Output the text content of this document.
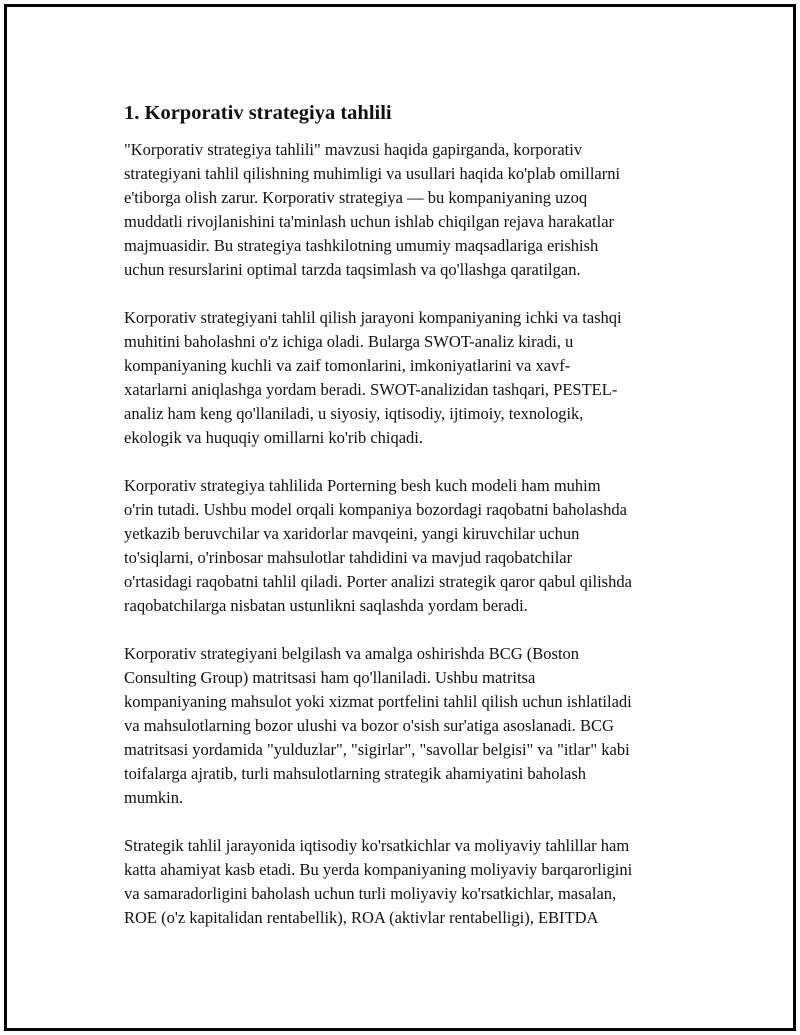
1. Korporativ strategiya tahlili

"Korporativ strategiya tahlili" mavzusi haqida gapirganda, korporativ
strategiyani tahlil qilishning muhimligi va usullari haqida ko'plab omillarni
e'tiborga olish zarur. Korporativ strategiya — bu kompaniyaning uzoq
muddatli rivojlanishini ta'minlash uchun ishlab chiqilgan rejava harakatlar
majmuasidir. Bu strategiya tashkilotning umumiy maqsadlariga erishish
uchun resurslarini optimal tarzda taqsimlash va qo'llashga qaratilgan.

Korporativ strategiyani tahlil qilish jarayoni kompaniyaning ichki va tashqi
muhitini baholashni o'z ichiga oladi. Bularga SWOT-analiz kiradi, u
kompaniyaning kuchli va zaif tomonlarini, imkoniyatlarini va xavf-
xatarlarni aniqlashga yordam beradi. SWOT-analizidan tashqari, PESTEL-
analiz ham keng qo'llaniladi, u siyosiy, iqtisodiy, ijtimoiy, texnologik,
ekologik va huquqiy omillarni ko'rib chiqadi.

Korporativ strategiya tahlilida Porterning besh kuch modeli ham muhim
o'rin tutadi. Ushbu model orqali kompaniya bozordagi raqobatni baholashda
yetkazib beruvchilar va xaridorlar mavqeini, yangi kiruvchilar uchun
to'siqlarni, o'rinbosar mahsulotlar tahdidini va mavjud raqobatchilar
o'rtasidagi raqobatni tahlil qiladi. Porter analizi strategik qaror qabul qilishda
raqobatchilarga nisbatan ustunlikni saqlashda yordam beradi.

Korporativ strategiyani belgilash va amalga oshirishda BCG (Boston
Consulting Group) matritsasi ham qo'llaniladi. Ushbu matritsa
kompaniyaning mahsulot yoki xizmat portfelini tahlil qilish uchun ishlatiladi
va mahsulotlarning bozor ulushi va bozor o'sish sur'atiga asoslanadi. BCG
matritsasi yordamida "yulduzlar", "sigirlar", "savollar belgisi" va "itlar" kabi
toifalarga ajratib, turli mahsulotlarning strategik ahamiyatini baholash
mumkin.

Strategik tahlil jarayonida iqtisodiy ko'rsatkichlar va moliyaviy tahlillar ham
katta ahamiyat kasb etadi. Bu yerda kompaniyaning moliyaviy barqarorligini
va samaradorligini baholash uchun turli moliyaviy ko'rsatkichlar, masalan,
ROE (o'z kapitalidan rentabellik), ROA (aktivlar rentabelligi), EBITDA
